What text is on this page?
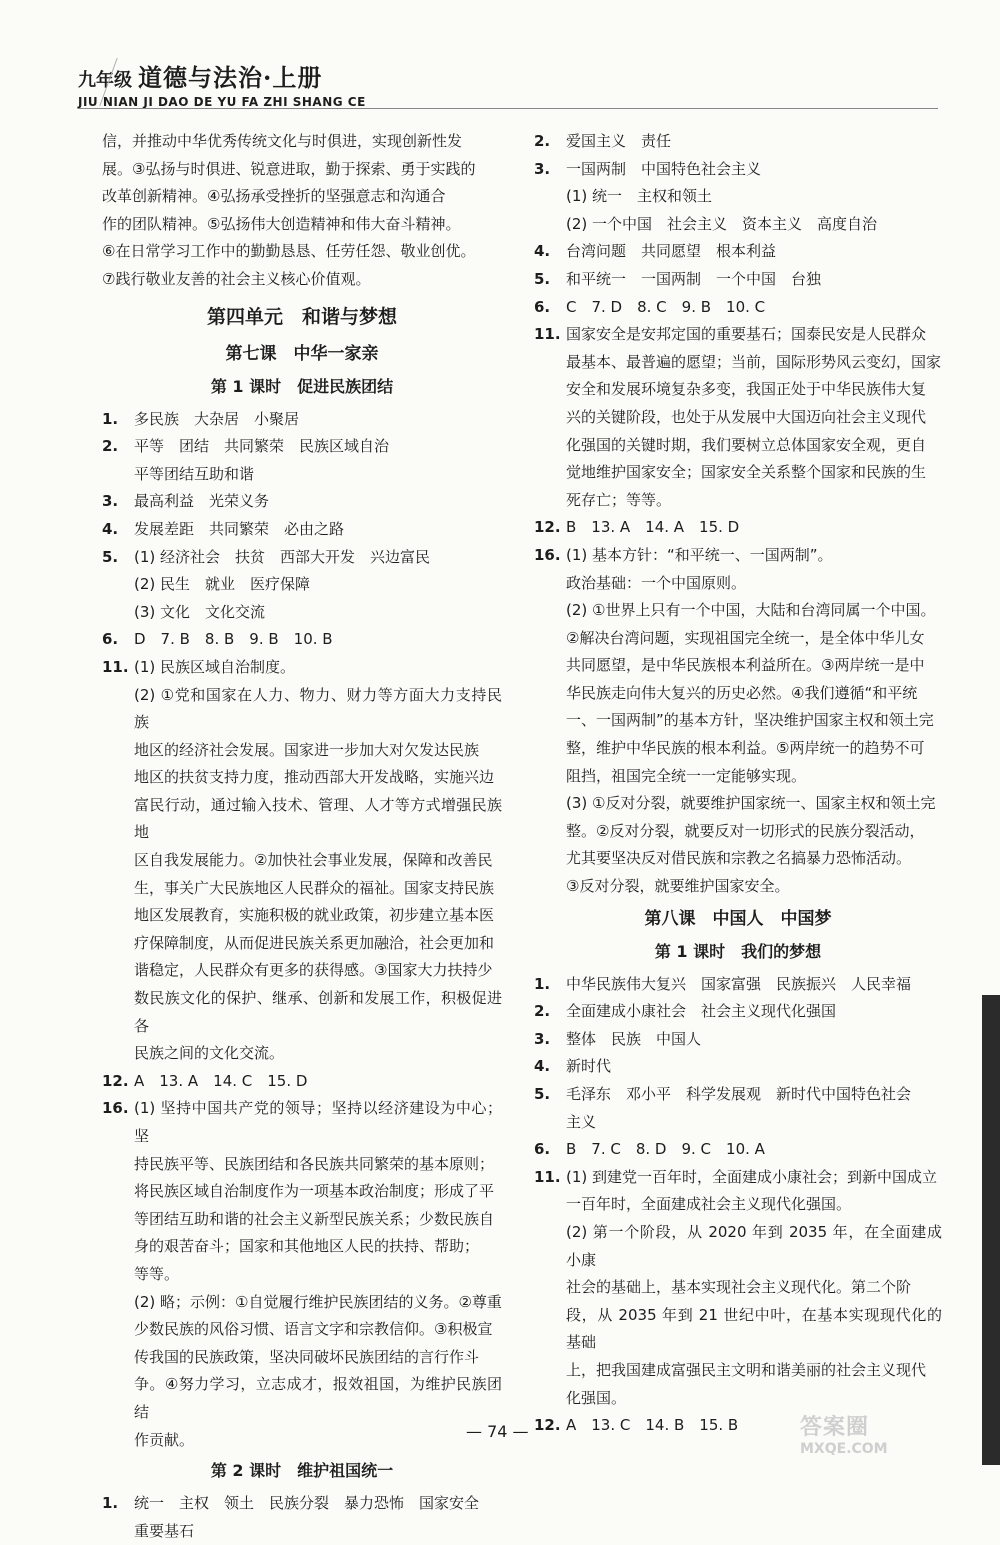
九年级 道德与法治·上册
JIU NIAN JI DAO DE YU FA ZHI SHANG CE

信，并推动中华优秀传统文化与时俱进，实现创新性发

展。③弘扬与时俱进、锐意进取，勤于探索、勇于实践的

改革创新精神。④弘扬承受挫折的坚强意志和沟通合

作的团队精神。⑤弘扬伟大创造精神和伟大奋斗精神。

⑥在日常学习工作中的勤勤恳恳、任劳任怨、敬业创优。

⑦践行敬业友善的社会主义核心价值观。

第四单元　和谐与梦想
第七课　中华一家亲
第 1 课时　促进民族团结
1.	多民族　大杂居　小聚居
2.	平等　团结　共同繁荣　民族区域自治

平等团结互助和谐

3.	最高利益　光荣义务
4.	发展差距　共同繁荣　必由之路
5.	(1) 经济社会　扶贫　西部大开发　兴边富民

(2) 民生　就业　医疗保障

(3) 文化　文化交流

6.	D　7. B　8. B　9. B　10. B
11. (1) 民族区域自治制度。

(2) ①党和国家在人力、物力、财力等方面大力支持民族

地区的经济社会发展。国家进一步加大对欠发达民族

地区的扶贫支持力度，推动西部大开发战略，实施兴边

富民行动，通过输入技术、管理、人才等方式增强民族地

区自我发展能力。②加快社会事业发展，保障和改善民

生，事关广大民族地区人民群众的福祉。国家支持民族

地区发展教育，实施积极的就业政策，初步建立基本医

疗保障制度，从而促进民族关系更加融洽，社会更加和

谐稳定，人民群众有更多的获得感。③国家大力扶持少

数民族文化的保护、继承、创新和发展工作，积极促进各

民族之间的文化交流。

12. A　13. A　14. C　15. D
16. (1) 坚持中国共产党的领导；坚持以经济建设为中心；坚

持民族平等、民族团结和各民族共同繁荣的基本原则；

将民族区域自治制度作为一项基本政治制度；形成了平

等团结互助和谐的社会主义新型民族关系；少数民族自

身的艰苦奋斗；国家和其他地区人民的扶持、帮助；

等等。

(2) 略；示例：①自觉履行维护民族团结的义务。②尊重

少数民族的风俗习惯、语言文字和宗教信仰。③积极宣

传我国的民族政策，坚决同破坏民族团结的言行作斗

争。④努力学习，立志成才，报效祖国，为维护民族团结

作贡献。

第 2 课时　维护祖国统一
1.	统一　主权　领土　民族分裂　暴力恐怖　国家安全

重要基石

2.	爱国主义　责任
3.	一国两制　中国特色社会主义

(1) 统一　主权和领土

(2) 一个中国　社会主义　资本主义　高度自治

4.	台湾问题　共同愿望　根本利益
5.	和平统一　一国两制　一个中国　台独
6.	C　7. D　8. C　9. B　10. C
11. 国家安全是安邦定国的重要基石；国泰民安是人民群众

最基本、最普遍的愿望；当前，国际形势风云变幻，国家

安全和发展环境复杂多变，我国正处于中华民族伟大复

兴的关键阶段，也处于从发展中大国迈向社会主义现代

化强国的关键时期，我们要树立总体国家安全观，更自

觉地维护国家安全；国家安全关系整个国家和民族的生

死存亡；等等。

12. B　13. A　14. A　15. D
16. (1) 基本方针：“和平统一、一国两制”。

政治基础：一个中国原则。

(2) ①世界上只有一个中国，大陆和台湾同属一个中国。

②解决台湾问题，实现祖国完全统一，是全体中华儿女

共同愿望，是中华民族根本利益所在。③两岸统一是中

华民族走向伟大复兴的历史必然。④我们遵循“和平统

一、一国两制”的基本方针，坚决维护国家主权和领土完

整，维护中华民族的根本利益。⑤两岸统一的趋势不可

阻挡，祖国完全统一一定能够实现。

(3) ①反对分裂，就要维护国家统一、国家主权和领土完

整。②反对分裂，就要反对一切形式的民族分裂活动，

尤其要坚决反对借民族和宗教之名搞暴力恐怖活动。

③反对分裂，就要维护国家安全。

第八课　中国人　中国梦
第 1 课时　我们的梦想
1.	中华民族伟大复兴　国家富强　民族振兴　人民幸福
2.	全面建成小康社会　社会主义现代化强国
3.	整体　民族　中国人
4.	新时代
5.	毛泽东　邓小平　科学发展观　新时代中国特色社会

主义

6.	B　7. C　8. D　9. C　10. A
11. (1) 到建党一百年时，全面建成小康社会；到新中国成立

一百年时，全面建成社会主义现代化强国。

(2) 第一个阶段，从 2020 年到 2035 年，在全面建成小康

社会的基础上，基本实现社会主义现代化。第二个阶

段，从 2035 年到 21 世纪中叶，在基本实现现代化的基础

上，把我国建成富强民主文明和谐美丽的社会主义现代

化强国。

12. A　13. C　14. B　15. B
— 74 —	答案圈
MXQE.COM
